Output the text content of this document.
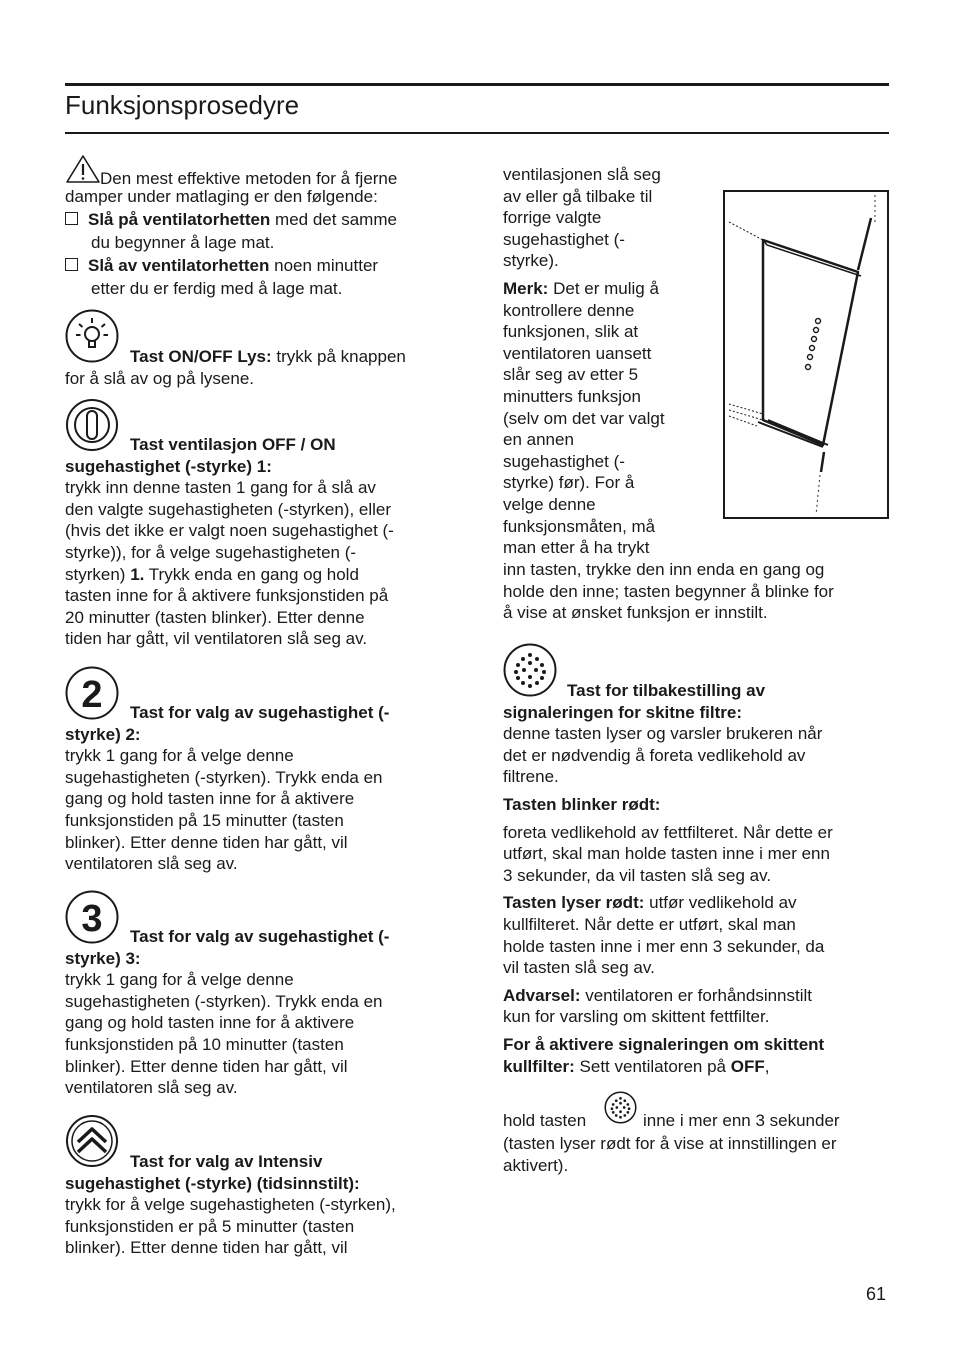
Funksjonsprosedyre
Den mest effektive metoden for å fjerne
damper under matlaging er den følgende:

Slå på ventilatorhetten med det samme

du begynner å lage mat.

Slå av ventilatorhetten noen minutter

etter du er ferdig med å lage mat.

Tast ON/OFF Lys: trykk på knappen
for å slå av og på lysene.

Tast ventilasjon OFF / ON

sugehastighet (-styrke) 1:

trykk inn denne tasten 1 gang for å slå av

den valgte sugehastigheten (-styrken), eller

(hvis det ikke er valgt noen sugehastighet (-

styrke)), for å velge sugehastigheten (-

styrken) 1. Trykk enda en gang og hold

tasten inne for å aktivere funksjonstiden på

20 minutter (tasten blinker). Etter denne

tiden har gått, vil ventilatoren slå seg av.

2	Tast for valg av sugehastighet (-

styrke) 2:

trykk 1 gang for å velge denne

sugehastigheten (-styrken). Trykk enda en

gang og hold tasten inne for å aktivere

funksjonstiden på 15 minutter (tasten

blinker). Etter denne tiden har gått, vil

ventilatoren slå seg av.

3	Tast for valg av sugehastighet (-

styrke) 3:

trykk 1 gang for å velge denne

sugehastigheten (-styrken). Trykk enda en

gang og hold tasten inne for å aktivere

funksjonstiden på 10 minutter (tasten

blinker). Etter denne tiden har gått, vil

ventilatoren slå seg av.

Tast for valg av Intensiv

sugehastighet (-styrke) (tidsinnstilt):

trykk for å velge sugehastigheten (-styrken),

funksjonstiden er på 5 minutter (tasten

blinker). Etter denne tiden har gått, vil

ventilasjonen slå seg

av eller gå tilbake til

forrige valgte

sugehastighet (-

styrke).

Merk: Det er mulig å

kontrollere denne

funksjonen, slik at

ventilatoren uansett

slår seg av etter 5

minutters funksjon

(selv om det var valgt

en annen

sugehastighet (-

styrke) før). For å

velge denne

funksjonsmåten, må

man etter å ha trykt

inn tasten, trykke den inn enda en gang og

holde den inne; tasten begynner å blinke for

å vise at ønsket funksjon er innstilt.

Tast for tilbakestilling av

signaleringen for skitne filtre:

denne tasten lyser og varsler brukeren når

det er nødvendig å foreta vedlikehold av

filtrene.

Tasten blinker rødt:

foreta vedlikehold av fettfilteret. Når dette er

utført, skal man holde tasten inne i mer enn

3 sekunder, da vil tasten slå seg av.

Tasten lyser rødt: utfør vedlikehold av

kullfilteret. Når dette er utført, skal man

holde tasten inne i mer enn 3 sekunder, da

vil tasten slå seg av.

Advarsel: ventilatoren er forhåndsinnstilt

kun for varsling om skittent fettfilter.

For å aktivere signaleringen om skittent

kullfilter: Sett ventilatoren på OFF,

hold tasten	inne i mer enn 3 sekunder

(tasten lyser rødt for å vise at innstillingen er

aktivert).

61
